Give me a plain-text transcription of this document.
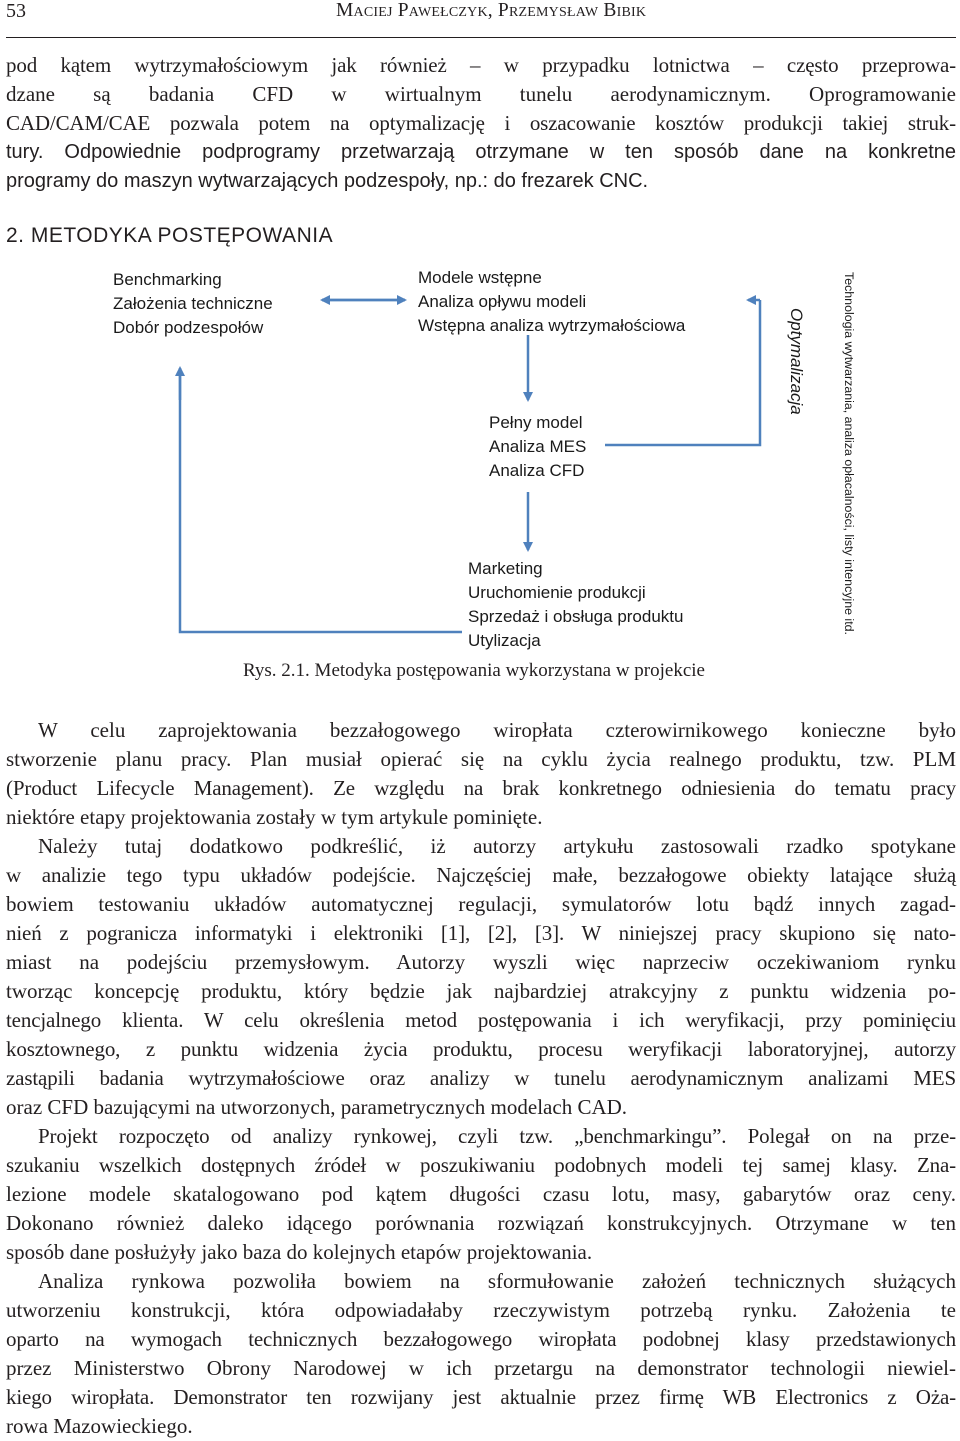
53	Maciej Pawełczyk, Przemysław Bibik
pod kątem wytrzymałościowym jak również – w przypadku lotnictwa – często przeprowa-
dzane są badania CFD w wirtualnym tunelu aerodynamicznym. Oprogramowanie
CAD/CAM/CAE pozwala potem na optymalizację i oszacowanie kosztów produkcji takiej struk-
tury. Odpowiednie podprogramy przetwarzają otrzymane w ten sposób dane na konkretne
programy do maszyn wytwarzających podzespoły, np.: do frezarek CNC.
2. METODYKA POSTĘPOWANIA
Benchmarking
Założenia techniczne
Dobór podzespołów
Modele wstępne
Analiza opływu modeli
Wstępna analiza wytrzymałościowa
Pełny model
Analiza MES
Analiza CFD
Marketing
Uruchomienie produkcji
Sprzedaż i obsługa produktu
Utylizacja
Optymalizacja	Technologia wytwarzania, analiza opłacalności, listy intencyjne itd.
Rys. 2.1. Metodyka postępowania wykorzystana w projekcie
W celu zaprojektowania bezzałogowego wiropłata czterowirnikowego konieczne było
stworzenie planu pracy. Plan musiał opierać się na cyklu życia realnego produktu, tzw. PLM
(Product Lifecycle Management). Ze względu na brak konkretnego odniesienia do tematu pracy
niektóre etapy projektowania zostały w tym artykule pominięte.
Należy tutaj dodatkowo podkreślić, iż autorzy artykułu zastosowali rzadko spotykane
w analizie tego typu układów podejście. Najczęściej małe, bezzałogowe obiekty latające służą
bowiem testowaniu układów automatycznej regulacji, symulatorów lotu bądź innych zagad-
nień z pogranicza informatyki i elektroniki [1], [2], [3]. W niniejszej pracy skupiono się nato-
miast na podejściu przemysłowym. Autorzy wyszli więc naprzeciw oczekiwaniom rynku
tworząc koncepcję produktu, który będzie jak najbardziej atrakcyjny z punktu widzenia po-
tencjalnego klienta. W celu określenia metod postępowania i ich weryfikacji, przy pominięciu
kosztownego, z punktu widzenia życia produktu, procesu weryfikacji laboratoryjnej, autorzy
zastąpili badania wytrzymałościowe oraz analizy w tunelu aerodynamicznym analizami MES
oraz CFD bazującymi na utworzonych, parametrycznych modelach CAD.
Projekt rozpoczęto od analizy rynkowej, czyli tzw. „benchmarkingu”. Polegał on na prze-
szukaniu wszelkich dostępnych źródeł w poszukiwaniu podobnych modeli tej samej klasy. Zna-
lezione modele skatalogowano pod kątem długości czasu lotu, masy, gabarytów oraz ceny.
Dokonano również daleko idącego porównania rozwiązań konstrukcyjnych. Otrzymane w ten
sposób dane posłużyły jako baza do kolejnych etapów projektowania.
Analiza rynkowa pozwoliła bowiem na sformułowanie założeń technicznych służących
utworzeniu konstrukcji, która odpowiadałaby rzeczywistym potrzebą rynku. Założenia te
oparto na wymogach technicznych bezzałogowego wiropłata podobnej klasy przedstawionych
przez Ministerstwo Obrony Narodowej w ich przetargu na demonstrator technologii niewiel-
kiego wiropłata. Demonstrator ten rozwijany jest aktualnie przez firmę WB Electronics z Oża-
rowa Mazowieckiego.
